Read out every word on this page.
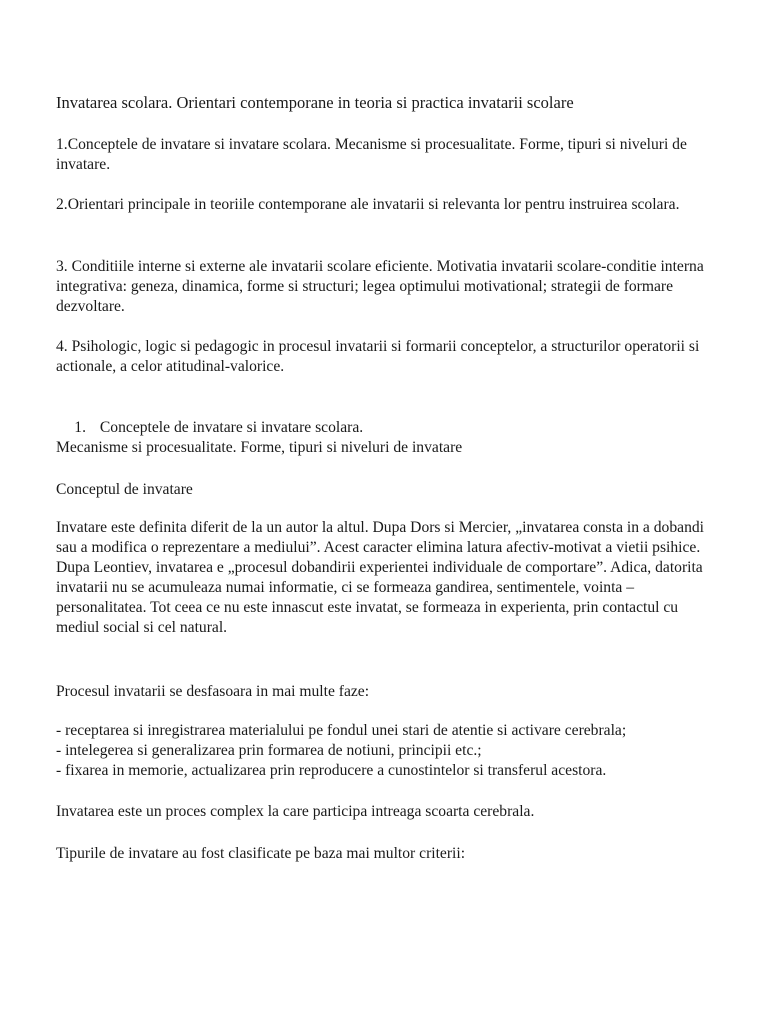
Invatarea scolara. Orientari contemporane in teoria si practica invatarii scolare

1.Conceptele de invatare si invatare scolara. Mecanisme si procesualitate. Forme, tipuri si niveluri de invatare.

2.Orientari principale in teoriile contemporane ale invatarii si relevanta lor pentru instruirea scolara.

3. Conditiile interne si externe ale invatarii scolare eficiente. Motivatia invatarii scolare-conditie interna integrativa: geneza, dinamica, forme si structuri; legea optimului motivational; strategii de formare dezvoltare.

4. Psihologic, logic si pedagogic in procesul invatarii si formarii conceptelor, a structurilor operatorii si actionale, a celor atitudinal-valorice.

1. Conceptele de invatare si invatare scolara.

Mecanisme si procesualitate. Forme, tipuri si niveluri de invatare

Conceptul de invatare

Invatare este definita diferit de la un autor la altul. Dupa Dors si Mercier, „invatarea consta in a dobandi sau a modifica o reprezentare a mediului”. Acest caracter elimina latura afectiv-motivat a vietii psihice. Dupa Leontiev, invatarea e „procesul dobandirii experientei individuale de comportare”. Adica, datorita invatarii nu se acumuleaza numai informatie, ci se formeaza gandirea, sentimentele, vointa – personalitatea. Tot ceea ce nu este innascut este invatat, se formeaza in experienta, prin contactul cu mediul social si cel natural.

Procesul invatarii se desfasoara in mai multe faze:

- receptarea si inregistrarea materialului pe fondul unei stari de atentie si activare cerebrala;
- intelegerea si generalizarea prin formarea de notiuni, principii etc.;
- fixarea in memorie, actualizarea prin reproducere a cunostintelor si transferul acestora.

Invatarea este un proces complex la care participa intreaga scoarta cerebrala.

Tipurile de invatare au fost clasificate pe baza mai multor criterii:
